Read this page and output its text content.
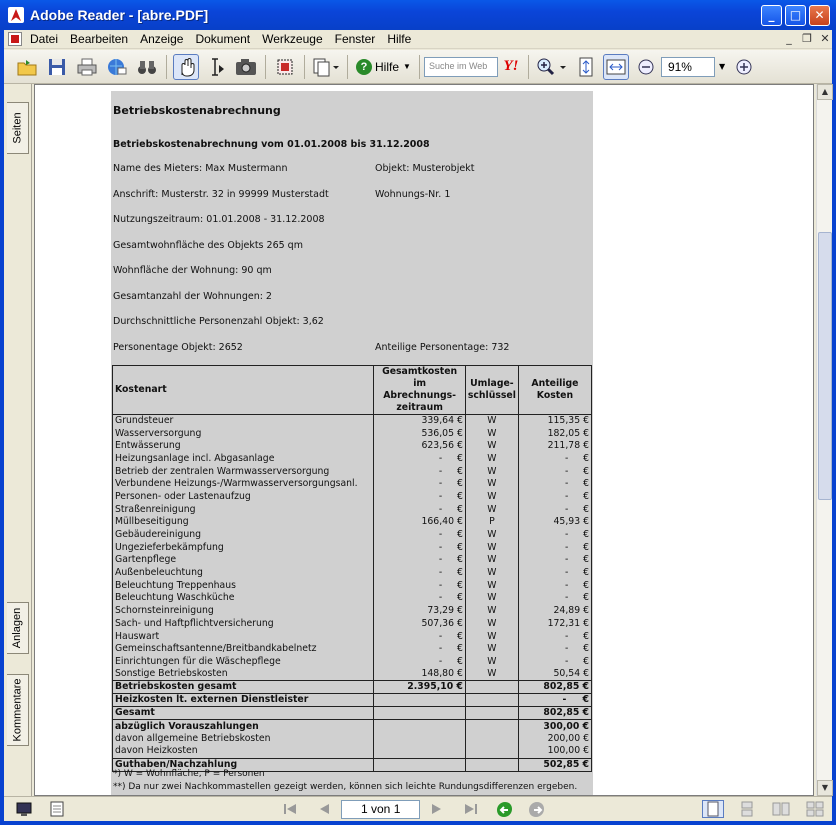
Adobe Reader - [abre.PDF]	_	□	✕
Datei	Bearbeiten	Anzeige	Dokument	Werkzeuge	Fenster	Hilfe	_ ❐ ✕
? Hilfe ▼	Suche im Web	Y!	91%	▼
Seiten
Anlagen
Kommentare
Betriebskostenabrechnung
Betriebskostenabrechnung vom 01.01.2008 bis 31.12.2008
Name des Mieters: Max Mustermann	Objekt: Musterobjekt
Anschrift: Musterstr. 32 in 99999 Musterstadt	Wohnungs-Nr. 1
Nutzungszeitraum: 01.01.2008 - 31.12.2008
Gesamtwohnfläche des Objekts 265 qm
Wohnfläche der Wohnung: 90 qm
Gesamtanzahl der Wohnungen: 2
Durchschnittliche Personenzahl Objekt: 3,62
Personentage Objekt: 2652	Anteilige Personentage: 732
Kostenart	Gesamtkosten im Abrechnungs-zeitraum	Umlage-schlüssel	Anteilige Kosten
Grundsteuer	339,64 €	W	115,35 €
Wasserversorgung	536,05 €	W	182,05 €
Entwässerung	623,56 €	W	211,78 €
Heizungsanlage incl. Abgasanlage	-     €	W	-     €
Betrieb der zentralen Warmwasserversorgung	-     €	W	-     €
Verbundene Heizungs-/Warmwasserversorgungsanl.	-     €	W	-     €
Personen- oder Lastenaufzug	-     €	W	-     €
Straßenreinigung	-     €	W	-     €
Müllbeseitigung	166,40 €	P	45,93 €
Gebäudereinigung	-     €	W	-     €
Ungezieferbekämpfung	-     €	W	-     €
Gartenpflege	-     €	W	-     €
Außenbeleuchtung	-     €	W	-     €
Beleuchtung Treppenhaus	-     €	W	-     €
Beleuchtung Waschküche	-     €	W	-     €
Schornsteinreinigung	73,29 €	W	24,89 €
Sach- und Haftpflichtversicherung	507,36 €	W	172,31 €
Hauswart	-     €	W	-     €
Gemeinschaftsantenne/Breitbandkabelnetz	-     €	W	-     €
Einrichtungen für die Wäschepflege	-     €	W	-     €
Sonstige Betriebskosten	148,80 €	W	50,54 €
Betriebskosten gesamt	2.395,10 €		802,85 €
Heizkosten lt. externen Dienstleister			-     €
Gesamt			802,85 €
abzüglich Vorauszahlungen			300,00 €
davon allgemeine Betriebskosten			200,00 €
davon Heizkosten			100,00 €
Guthaben/Nachzahlung			502,85 €
*) W = Wohnfläche, P = Personen
**) Da nur zwei Nachkommastellen gezeigt werden, können sich leichte Rundungsdifferenzen ergeben.
▲
▼
1 von 1
